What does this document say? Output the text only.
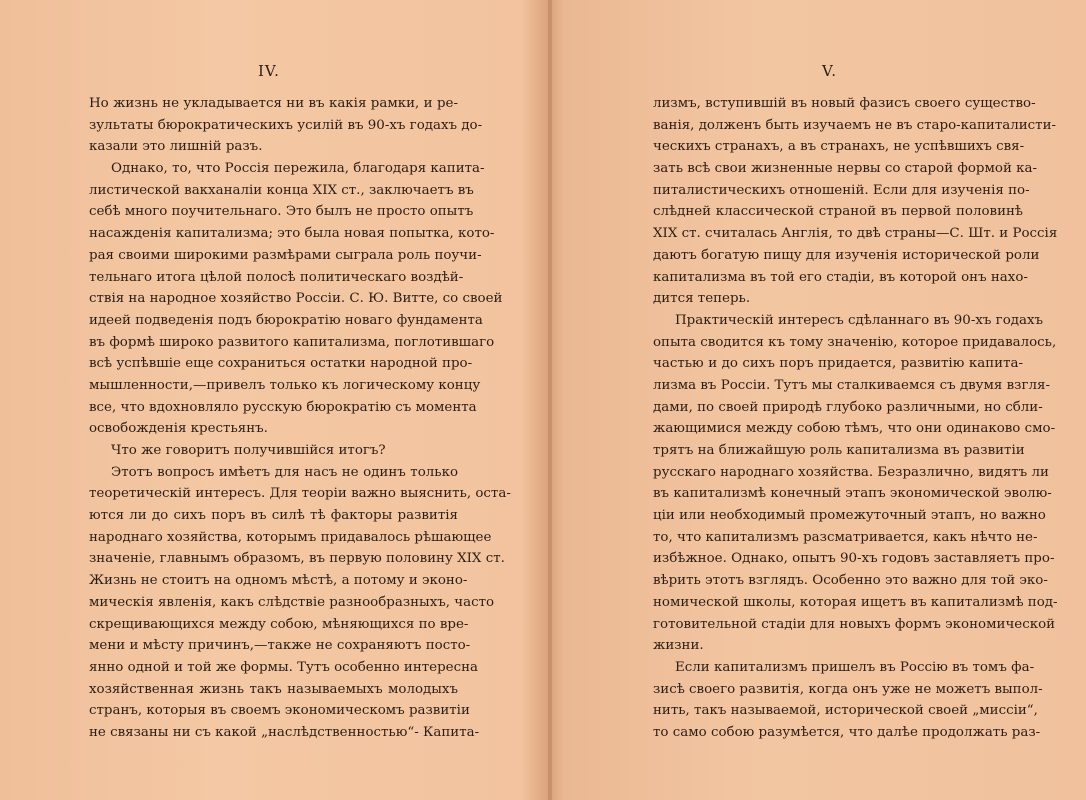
IV.
Но жизнь не укладывается ни въ какія рамки, и ре-
зультаты бюрократическихъ усилій въ 90-хъ годахъ до-
казали это лишній разъ.
Однако, то, что Россія пережила, благодаря капита-
листической вакханаліи конца XIX ст., заключаетъ въ
себѣ много поучительнаго. Это былъ не просто опытъ
насажденія капитализма; это была новая попытка, кото-
рая своими широкими размѣрами сыграла роль поучи-
тельнаго итога цѣлой полосѣ политическаго воздѣй-
ствія на народное хозяйство Россіи. С. Ю. Витте, со своей
идеей подведенія подъ бюрократію новаго фундамента
въ формѣ широко развитого капитализма, поглотившаго
всѣ успѣвшіе еще сохраниться остатки народной про-
мышленности,—привелъ только къ логическому концу
все, что вдохновляло русскую бюрократію съ момента
освобожденія крестьянъ.
Что же говоритъ получившійся итогъ?
Этотъ вопросъ имѣетъ для насъ не одинъ только
теоретическій интересъ. Для теоріи важно выяснить, оста-
ются ли до сихъ поръ въ силѣ тѣ факторы развитія
народнаго хозяйства, которымъ придавалось рѣшающее
значеніе, главнымъ образомъ, въ первую половину XIX ст.
Жизнь не стоитъ на одномъ мѣстѣ, а потому и эконо-
мическія явленія, какъ слѣдствіе разнообразныхъ, часто
скрещивающихся между собою, мѣняющихся по вре-
мени и мѣсту причинъ,—также не сохраняютъ посто-
янно одной и той же формы. Тутъ особенно интересна
хозяйственная жизнь такъ называемыхъ молодыхъ
странъ, которыя въ своемъ экономическомъ развитіи
не связаны ни съ какой „наслѣдственностью“- Капита-
V.
лизмъ, вступившій въ новый фазисъ своего существо-
ванія, долженъ быть изучаемъ не въ старо-капиталисти-
ческихъ странахъ, а въ странахъ, не успѣвшихъ свя-
зать всѣ свои жизненные нервы со старой формой ка-
питалистическихъ отношеній. Если для изученія по-
слѣдней классической страной въ первой половинѣ
XIX ст. считалась Англія, то двѣ страны—С. Шт. и Россія
даютъ богатую пищу для изученія исторической роли
капитализма въ той его стадіи, въ которой онъ нахо-
дится теперь.
Практическій интересъ сдѣланнаго въ 90-хъ годахъ
опыта сводится къ тому значенію, которое придавалось,
частью и до сихъ поръ придается, развитію капита-
лизма въ Россіи. Тутъ мы сталкиваемся съ двумя взгля-
дами, по своей природѣ глубоко различными, но сбли-
жающимися между собою тѣмъ, что они одинаково смо-
трятъ на ближайшую роль капитализма въ развитіи
русскаго народнаго хозяйства. Безразлично, видятъ ли
въ капитализмѣ конечный этапъ экономической эволю-
ціи или необходимый промежуточный этапъ, но важно
то, что капитализмъ разсматривается, какъ нѣчто не-
избѣжное. Однако, опытъ 90-хъ годовъ заставляетъ про-
вѣрить этотъ взглядъ. Особенно это важно для той эко-
номической школы, которая ищетъ въ капитализмѣ под-
готовительной стадіи для новыхъ формъ экономической
жизни.
Если капитализмъ пришелъ въ Россію въ томъ фа-
зисѣ своего развитія, когда онъ уже не можетъ выпол-
нить, такъ называемой, исторической своей „миссіи“,
то само собою разумѣется, что далѣе продолжать раз-
